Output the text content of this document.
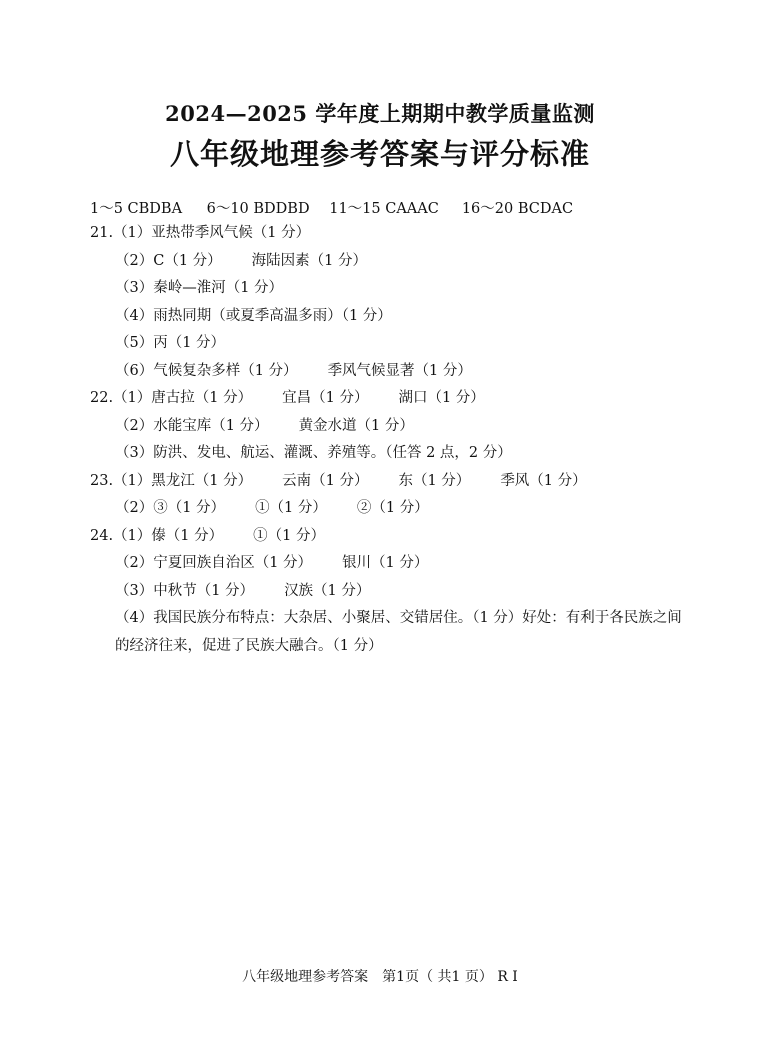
2024—2025 学年度上期期中教学质量监测
八年级地理参考答案与评分标准
1～5 CBDBA 6～10 BDDBD 11～15 CAAAC 16～20 BCDAC
21.（1）亚热带季风气候（1 分）
（2）C（1 分） 海陆因素（1 分）
（3）秦岭—淮河（1 分）
（4）雨热同期（或夏季高温多雨）（1 分）
（5）丙（1 分）
（6）气候复杂多样（1 分） 季风气候显著（1 分）
22.（1）唐古拉（1 分） 宜昌（1 分） 湖口（1 分）
（2）水能宝库（1 分） 黄金水道（1 分）
（3）防洪、发电、航运、灌溉、养殖等。（任答 2 点，2 分）
23.（1）黑龙江（1 分） 云南（1 分） 东（1 分） 季风（1 分）
（2）③（1 分） ①（1 分） ②（1 分）
24.（1）傣（1 分） ①（1 分）
（2）宁夏回族自治区（1 分） 银川（1 分）
（3）中秋节（1 分） 汉族（1 分）
（4）我国民族分布特点：大杂居、小聚居、交错居住。（1 分）好处：有利于各民族之间
的经济往来，促进了民族大融合。（1 分）
八年级地理参考答案　第1页（ 共1 页） R I
